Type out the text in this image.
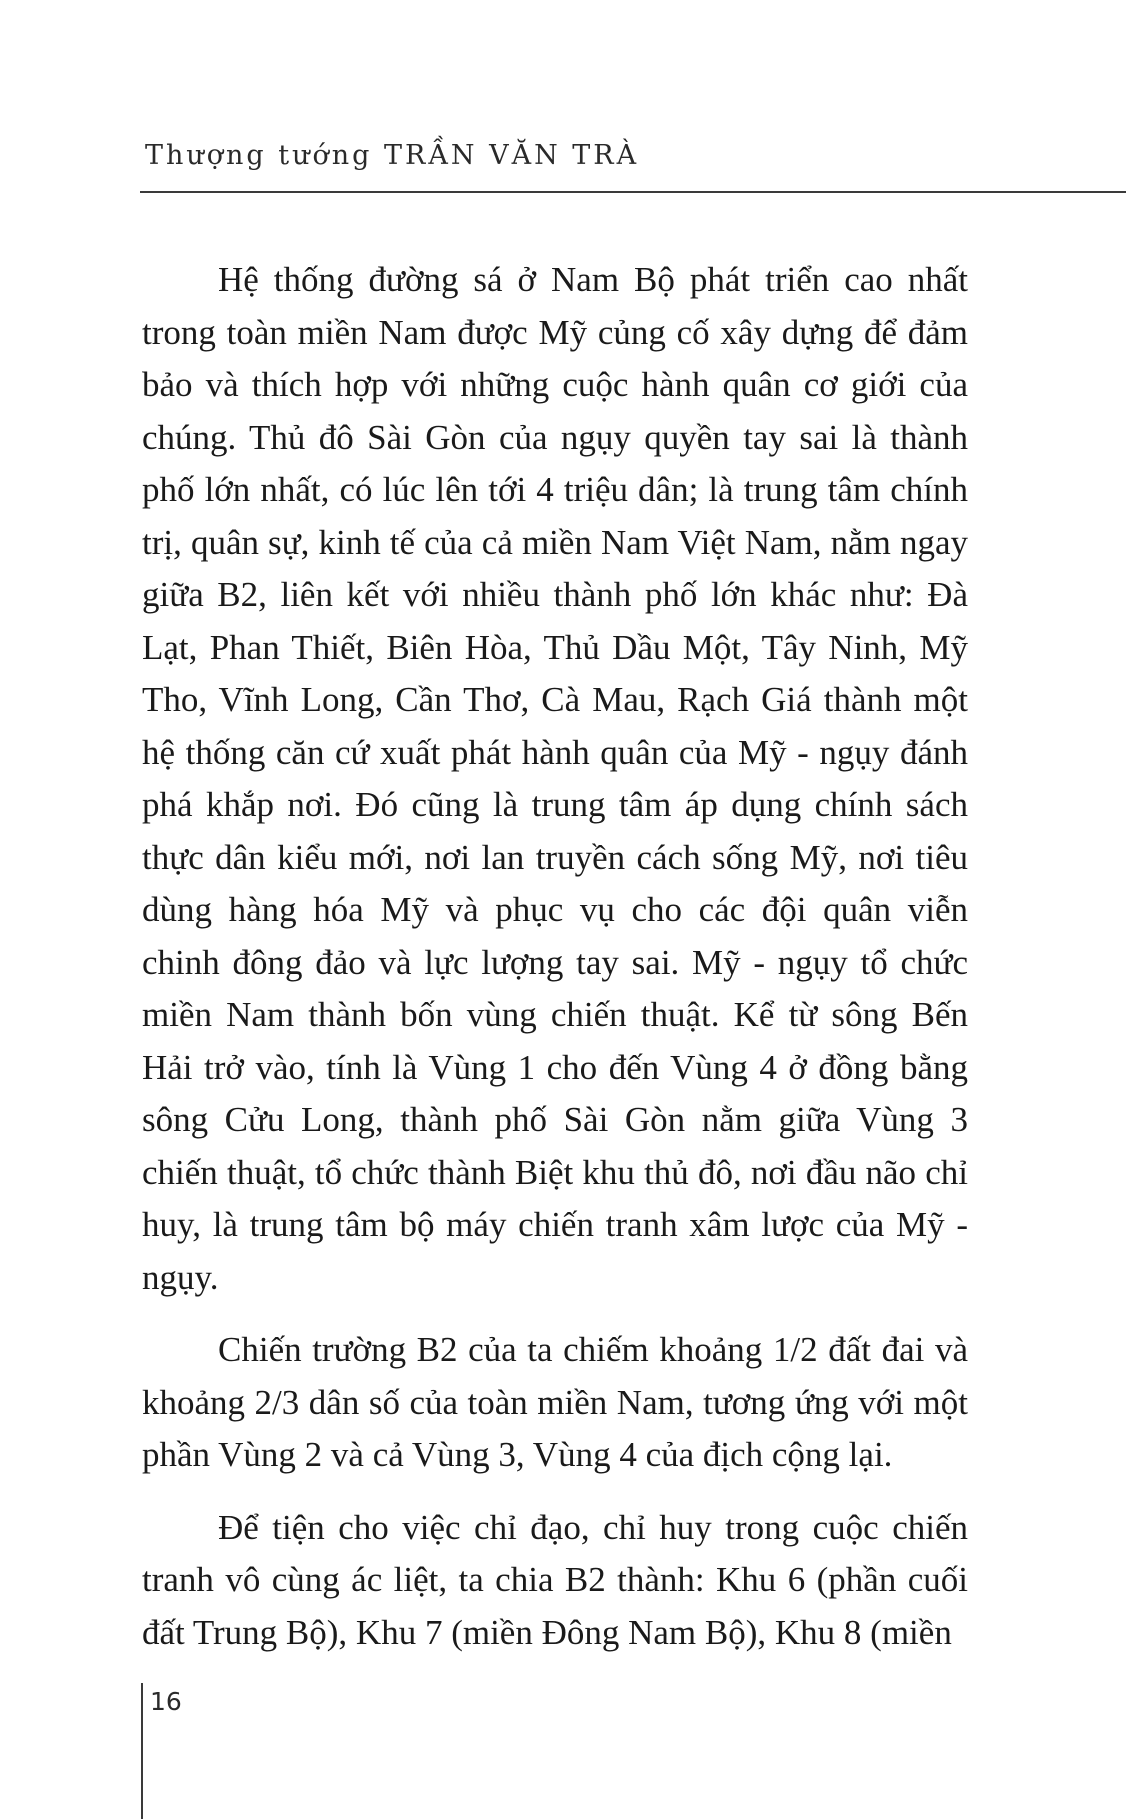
Thượng tướng TRẦN VĂN TRÀ

Hệ thống đường sá ở Nam Bộ phát triển cao nhất trong toàn miền Nam được Mỹ củng cố xây dựng để đảm bảo và thích hợp với những cuộc hành quân cơ giới của chúng. Thủ đô Sài Gòn của ngụy quyền tay sai là thành phố lớn nhất, có lúc lên tới 4 triệu dân; là trung tâm chính trị, quân sự, kinh tế của cả miền Nam Việt Nam, nằm ngay giữa B2, liên kết với nhiều thành phố lớn khác như: Đà Lạt, Phan Thiết, Biên Hòa, Thủ Dầu Một, Tây Ninh, Mỹ Tho, Vĩnh Long, Cần Thơ, Cà Mau, Rạch Giá thành một hệ thống căn cứ xuất phát hành quân của Mỹ - ngụy đánh phá khắp nơi. Đó cũng là trung tâm áp dụng chính sách thực dân kiểu mới, nơi lan truyền cách sống Mỹ, nơi tiêu dùng hàng hóa Mỹ và phục vụ cho các đội quân viễn chinh đông đảo và lực lượng tay sai. Mỹ - ngụy tổ chức miền Nam thành bốn vùng chiến thuật. Kể từ sông Bến Hải trở vào, tính là Vùng 1 cho đến Vùng 4 ở đồng bằng sông Cửu Long, thành phố Sài Gòn nằm giữa Vùng 3 chiến thuật, tổ chức thành Biệt khu thủ đô, nơi đầu não chỉ huy, là trung tâm bộ máy chiến tranh xâm lược của Mỹ - ngụy.

Chiến trường B2 của ta chiếm khoảng 1/2 đất đai và khoảng 2/3 dân số của toàn miền Nam, tương ứng với một phần Vùng 2 và cả Vùng 3, Vùng 4 của địch cộng lại.

Để tiện cho việc chỉ đạo, chỉ huy trong cuộc chiến tranh vô cùng ác liệt, ta chia B2 thành: Khu 6 (phần cuối đất Trung Bộ), Khu 7 (miền Đông Nam Bộ), Khu 8 (miền

16
